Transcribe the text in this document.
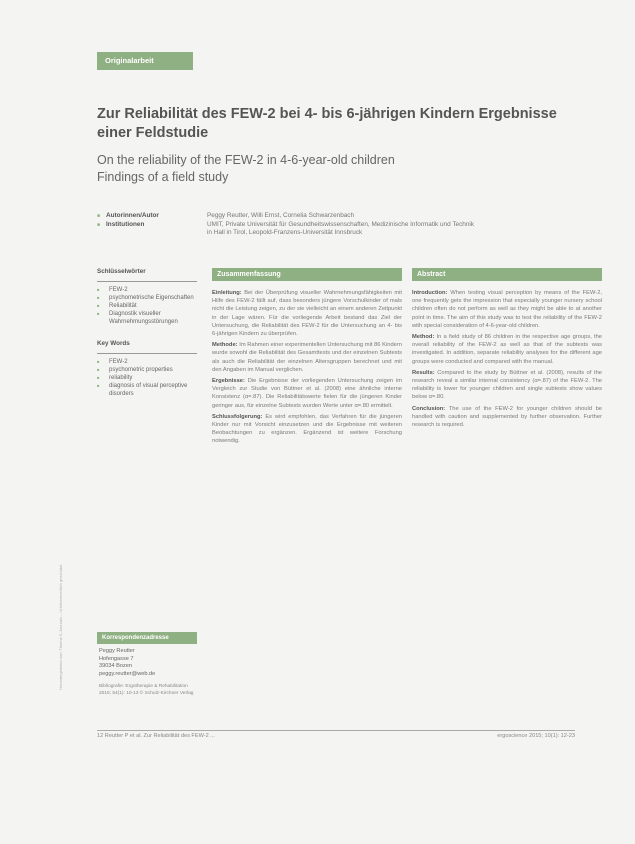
Heruntergeladen von: Thieme E-Journals – Urheberrechtlich geschützt.
Originalarbeit
Zur Reliabilität des FEW-2 bei 4- bis 6-jährigen Kindern Ergebnisse einer Feldstudie
On the reliability of the FEW-2 in 4-6-year-old children
Findings of a field study
■ Autorinnen/Autor	Peggy Reutter, Willi Ernst, Cornelia Schwarzenbach
■ Institutionen	UMIT, Private Universität für Gesundheitswissenschaften, Medizinische Informatik und Technik
in Hall in Tirol, Leopold-Franzens-Universität Innsbruck
Schlüsselwörter
■ FEW-2
■ psychometrische Eigenschaften
■ Reliabilität
■ Diagnostik visueller Wahrnehmungsstörungen
Key Words
■ FEW-2
■ psychometric properties
■ reliability
■ diagnosis of visual perceptive disorders
Korrespondenzadresse
Peggy Reutter
Hofengasse 7
39034 Bozen
peggy.reutter@web.de
Bibliografie: Ergotherapie & Rehabilitation 2015; 54(1): 10-13 © Schulz-Kirchner Verlag
Zusammenfassung

Einleitung: Bei der Überprüfung visueller Wahrnehmungsfähigkeiten mit Hilfe des FEW-2 fällt auf, dass besonders jüngere Vorschulkinder of mals nicht die Leistung zeigen, zu der sie vielleicht an einem anderen Zeitpunkt in der Lage wären. Für die vorliegende Arbeit bestand das Ziel der Untersuchung, die Reliabilität des FEW-2 für die Untersuchung an 4- bis 6-jährigen Kindern zu überprüfen.

Methode: Im Rahmen einer experimentellen Untersuchung mit 86 Kindern wurde sowohl die Reliabilität des Gesamttests und der einzelnen Subtests als auch die Reliabilität der einzelnen Altersgruppen berechnet und mit den Angaben im Manual verglichen.

Ergebnisse: Die Ergebnisse der vorliegenden Untersuchung zeigen im Vergleich zur Studie von Büttner et al. (2008) eine ähnliche interne Konsistenz (α=.87). Die Reliabilitätswerte fielen für die jüngeren Kinder geringer aus, für einzelne Subtests wurden Werte unter α=.80 ermittelt.

Schlussfolgerung: Es wird empfohlen, das Verfahren für die jüngeren Kinder nur mit Vorsicht einzusetzen und die Ergebnisse mit weiteren Beobachtungen zu ergänzen. Ergänzend ist weitere Forschung notwendig.

Abstract

Introduction: When testing visual perception by means of the FEW-2, one frequently gets the impression that especially younger nursery school children often do not perform as well as they might be able to at another point in time. The aim of this study was to test the reliability of the FEW-2 with special consideration of 4-6-year-old children.

Method: In a field study of 86 children in the respective age groups, the overall reliability of the FEW-2 as well as that of the subtests was investigated. In addition, separate reliability analyses for the different age groups were conducted and compared with the manual.

Results: Compared to the study by Büttner et al. (2008), results of the research reveal a similar internal consistency (α=.87) of the FEW-2. The reliability is lower for younger children and single subtests show values below α=.80.

Conclusion: The use of the FEW-2 for younger children should be handled with caution and supplemented by further observation. Further research is required.

12 Reutter P et al. Zur Reliabilität des FEW-2 ...	ergoscience 2015; 10(1): 12-23
